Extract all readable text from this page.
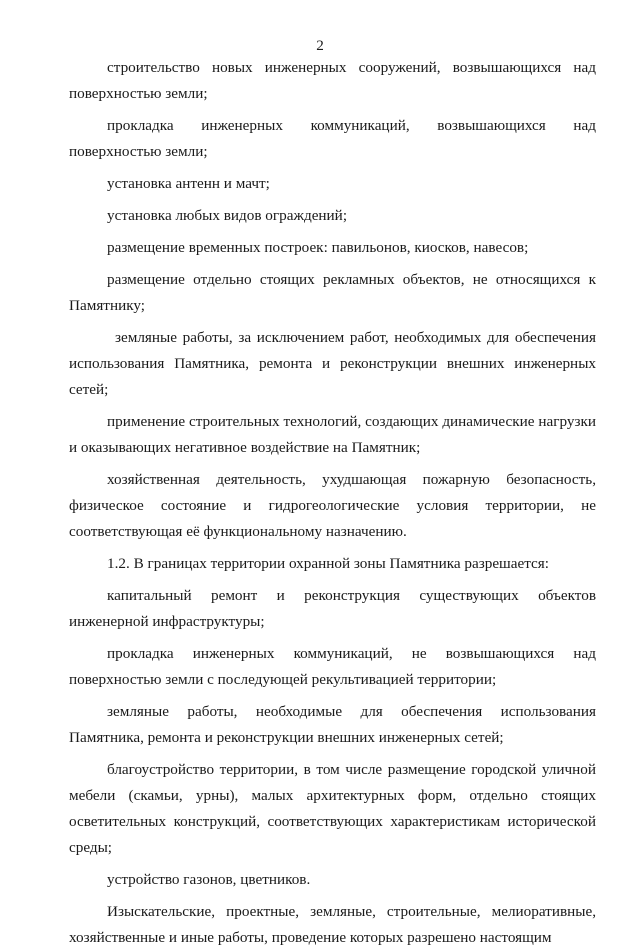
2

строительство новых инженерных сооружений, возвышающихся над поверхностью земли;

прокладка инженерных коммуникаций, возвышающихся над поверхностью земли;

установка антенн и мачт;

установка любых видов ограждений;

размещение временных построек: павильонов, киосков, навесов;

размещение отдельно стоящих рекламных объектов, не относящихся к Памятнику;

земляные работы, за исключением работ, необходимых для обеспечения использования Памятника, ремонта и реконструкции внешних инженерных сетей;

применение строительных технологий, создающих динамические нагрузки и оказывающих негативное воздействие на Памятник;

хозяйственная деятельность, ухудшающая пожарную безопасность, физическое состояние и гидрогеологические условия территории, не соответствующая её функциональному назначению.

1.2. В границах территории охранной зоны Памятника разрешается:

капитальный ремонт и реконструкция существующих объектов инженерной инфраструктуры;

прокладка инженерных коммуникаций, не возвышающихся над поверхностью земли с последующей рекультивацией территории;

земляные работы, необходимые для обеспечения использования Памятника, ремонта и реконструкции внешних инженерных сетей;

благоустройство территории, в том числе размещение городской уличной мебели (скамьи, урны), малых архитектурных форм, отдельно стоящих осветительных конструкций, соответствующих характеристикам исторической среды;

устройство газонов, цветников.

Изыскательские, проектные, земляные, строительные, мелиоративные, хозяйственные и иные работы, проведение которых разрешено настоящим
